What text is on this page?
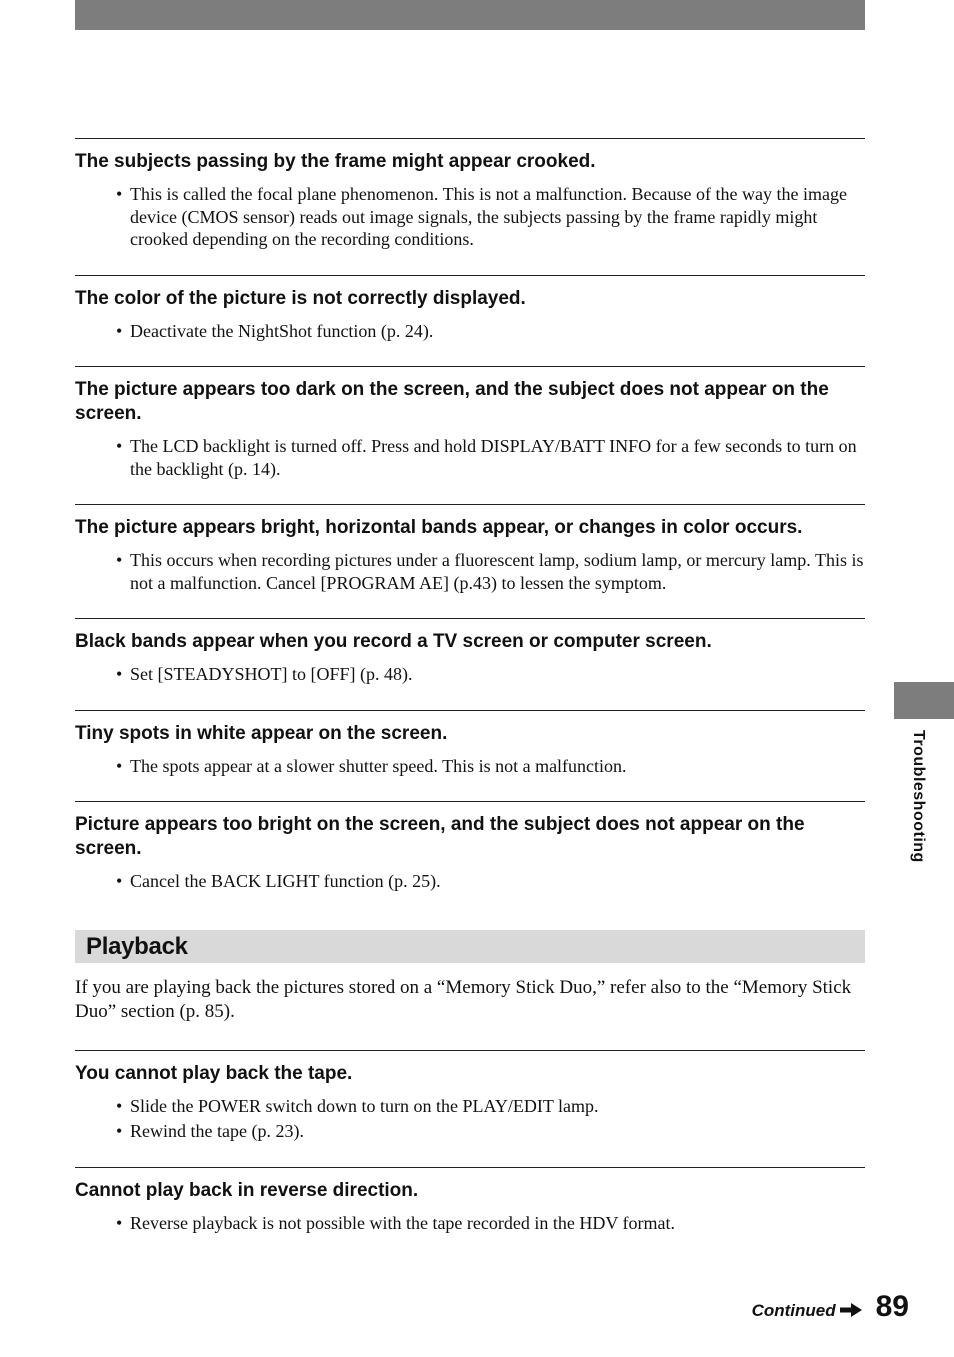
The subjects passing by the frame might appear crooked.
• This is called the focal plane phenomenon. This is not a malfunction. Because of the way the image device (CMOS sensor) reads out image signals, the subjects passing by the frame rapidly might crooked depending on the recording conditions.
The color of the picture is not correctly displayed.
• Deactivate the NightShot function (p. 24).
The picture appears too dark on the screen, and the subject does not appear on the screen.
• The LCD backlight is turned off. Press and hold DISPLAY/BATT INFO for a few seconds to turn on the backlight (p. 14).
The picture appears bright, horizontal bands appear, or changes in color occurs.
• This occurs when recording pictures under a fluorescent lamp, sodium lamp, or mercury lamp. This is not a malfunction. Cancel [PROGRAM AE] (p.43) to lessen the symptom.
Black bands appear when you record a TV screen or computer screen.
• Set [STEADYSHOT] to [OFF] (p. 48).
Tiny spots in white appear on the screen.
• The spots appear at a slower shutter speed. This is not a malfunction.
Picture appears too bright on the screen, and the subject does not appear on the screen.
• Cancel the BACK LIGHT function (p. 25).
Playback

If you are playing back the pictures stored on a “Memory Stick Duo,” refer also to the “Memory Stick Duo” section (p. 85).

You cannot play back the tape.
• Slide the POWER switch down to turn on the PLAY/EDIT lamp.
• Rewind the tape (p. 23).
Cannot play back in reverse direction.
• Reverse playback is not possible with the tape recorded in the HDV format.
Troubleshooting
Continued 89
